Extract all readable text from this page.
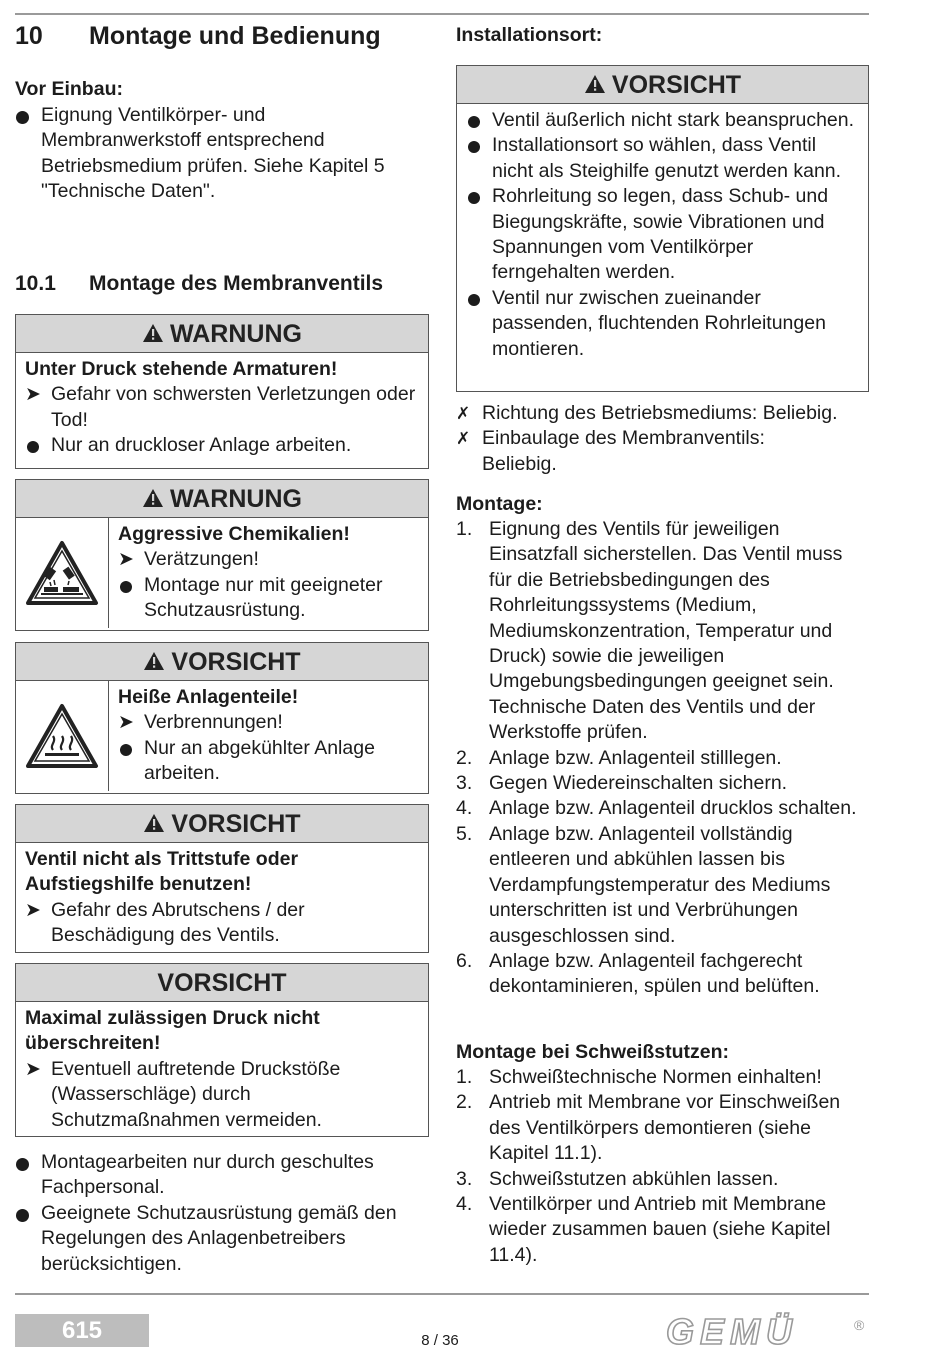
10 Montage und Bedienung
Vor Einbau:
Eignung Ventilkörper- und Membranwerkstoff entsprechend Betriebsmedium prüfen. Siehe Kapitel 5 "Technische Daten".
10.1 Montage des Membranventils
WARNUNG
Unter Druck stehende Armaturen!
➤ Gefahr von schwersten Verletzungen oder Tod!
Nur an druckloser Anlage arbeiten.
WARNUNG
Aggressive Chemikalien!
➤ Verätzungen!
Montage nur mit geeigneter Schutzausrüstung.
VORSICHT
Heiße Anlagenteile!
➤ Verbrennungen!
Nur an abgekühlter Anlage arbeiten.
VORSICHT
Ventil nicht als Trittstufe oder Aufstiegshilfe benutzen!
➤ Gefahr des Abrutschens / der Beschädigung des Ventils.
VORSICHT
Maximal zulässigen Druck nicht überschreiten!
➤ Eventuell auftretende Druckstöße (Wasserschläge) durch Schutzmaßnahmen vermeiden.
Montagearbeiten nur durch geschultes Fachpersonal.
Geeignete Schutzausrüstung gemäß den Regelungen des Anlagenbetreibers berücksichtigen.
Installationsort:
VORSICHT
Ventil äußerlich nicht stark beanspruchen.
Installationsort so wählen, dass Ventil nicht als Steighilfe genutzt werden kann.
Rohrleitung so legen, dass Schub- und Biegungskräfte, sowie Vibrationen und Spannungen vom Ventilkörper ferngehalten werden.
Ventil nur zwischen zueinander passenden, fluchtenden Rohrleitungen montieren.
✗ Richtung des Betriebsmediums: Beliebig.
✗ Einbaulage des Membranventils: Beliebig.
Montage:
1. Eignung des Ventils für jeweiligen Einsatzfall sicherstellen. Das Ventil muss für die Betriebsbedingungen des Rohrleitungssystems (Medium, Mediumskonzentration, Temperatur und Druck) sowie die jeweiligen Umgebungsbedingungen geeignet sein. Technische Daten des Ventils und der Werkstoffe prüfen.
2. Anlage bzw. Anlagenteil stilllegen.
3. Gegen Wiedereinschalten sichern.
4. Anlage bzw. Anlagenteil drucklos schalten.
5. Anlage bzw. Anlagenteil vollständig entleeren und abkühlen lassen bis Verdampfungstemperatur des Mediums unterschritten ist und Verbrühungen ausgeschlossen sind.
6. Anlage bzw. Anlagenteil fachgerecht dekontaminieren, spülen und belüften.
Montage bei Schweißstutzen:
1. Schweißtechnische Normen einhalten!
2. Antrieb mit Membrane vor Einschweißen des Ventilkörpers demontieren (siehe Kapitel 11.1).
3. Schweißstutzen abkühlen lassen.
4. Ventilkörper und Antrieb mit Membrane wieder zusammen bauen (siehe Kapitel 11.4).
615	8 / 36	GEMÜ	®
